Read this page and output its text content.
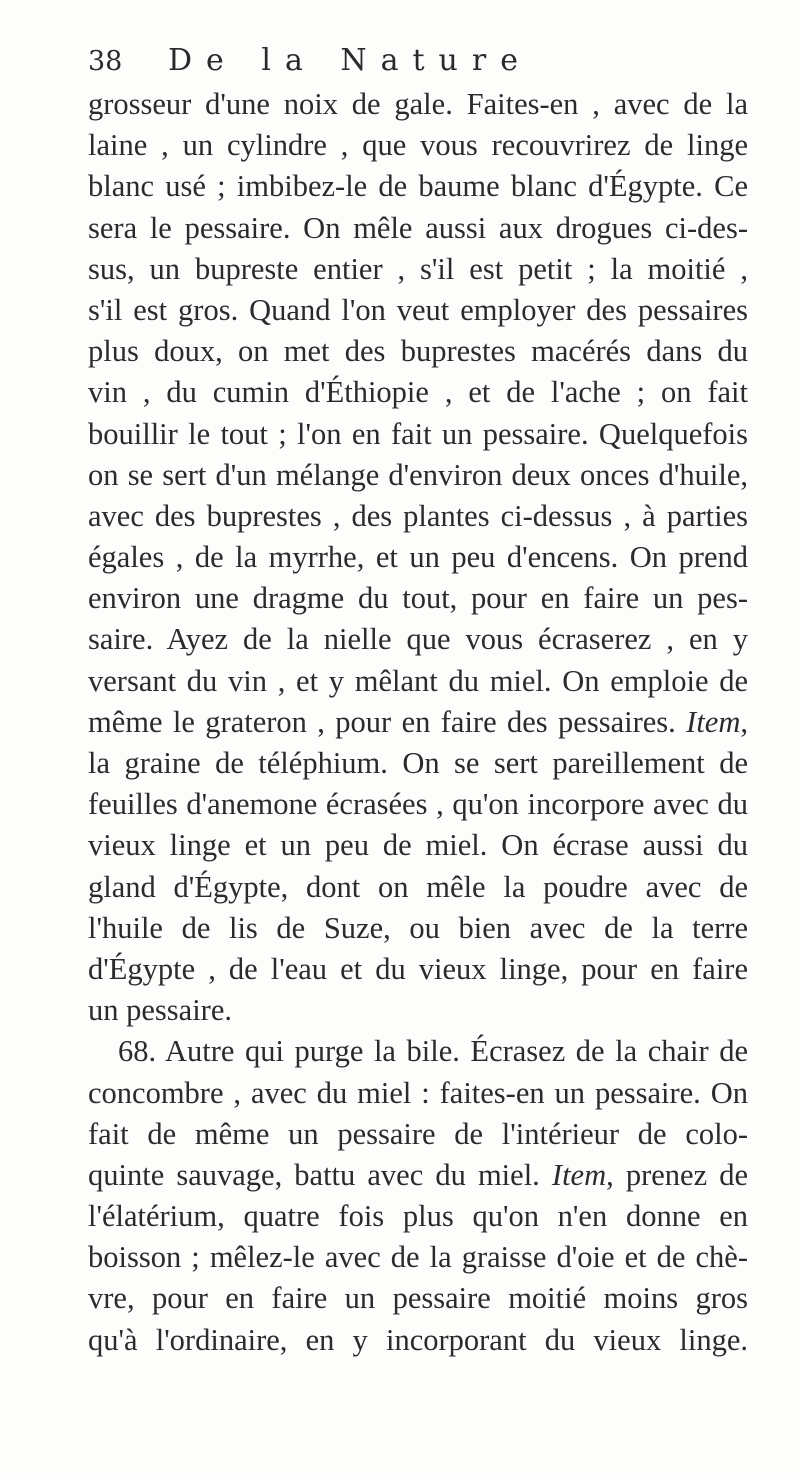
38 De la Nature
grosseur d'une noix de gale. Faites-en , avec de la
laine , un cylindre , que vous recouvrirez de linge
blanc usé ; imbibez-le de baume blanc d'Égypte. Ce
sera le pessaire. On mêle aussi aux drogues ci-des-
sus, un bupreste entier , s'il est petit ; la moitié ,
s'il est gros. Quand l'on veut employer des pessaires
plus doux, on met des buprestes macérés dans du
vin , du cumin d'Éthiopie , et de l'ache ; on fait
bouillir le tout ; l'on en fait un pessaire. Quelquefois
on se sert d'un mélange d'environ deux onces d'huile,
avec des buprestes , des plantes ci-dessus , à parties
égales , de la myrrhe, et un peu d'encens. On prend
environ une dragme du tout, pour en faire un pes-
saire. Ayez de la nielle que vous écraserez , en y
versant du vin , et y mêlant du miel. On emploie de
même le grateron , pour en faire des pessaires. Item,
la graine de téléphium. On se sert pareillement de
feuilles d'anemone écrasées , qu'on incorpore avec du
vieux linge et un peu de miel. On écrase aussi du
gland d'Égypte, dont on mêle la poudre avec de
l'huile de lis de Suze, ou bien avec de la terre
d'Égypte , de l'eau et du vieux linge, pour en faire
un pessaire.
68. Autre qui purge la bile. Écrasez de la chair de
concombre , avec du miel : faites-en un pessaire. On
fait de même un pessaire de l'intérieur de colo-
quinte sauvage, battu avec du miel. Item, prenez de
l'élatérium, quatre fois plus qu'on n'en donne en
boisson ; mêlez-le avec de la graisse d'oie et de chè-
vre, pour en faire un pessaire moitié moins gros
qu'à l'ordinaire, en y incorporant du vieux linge.
